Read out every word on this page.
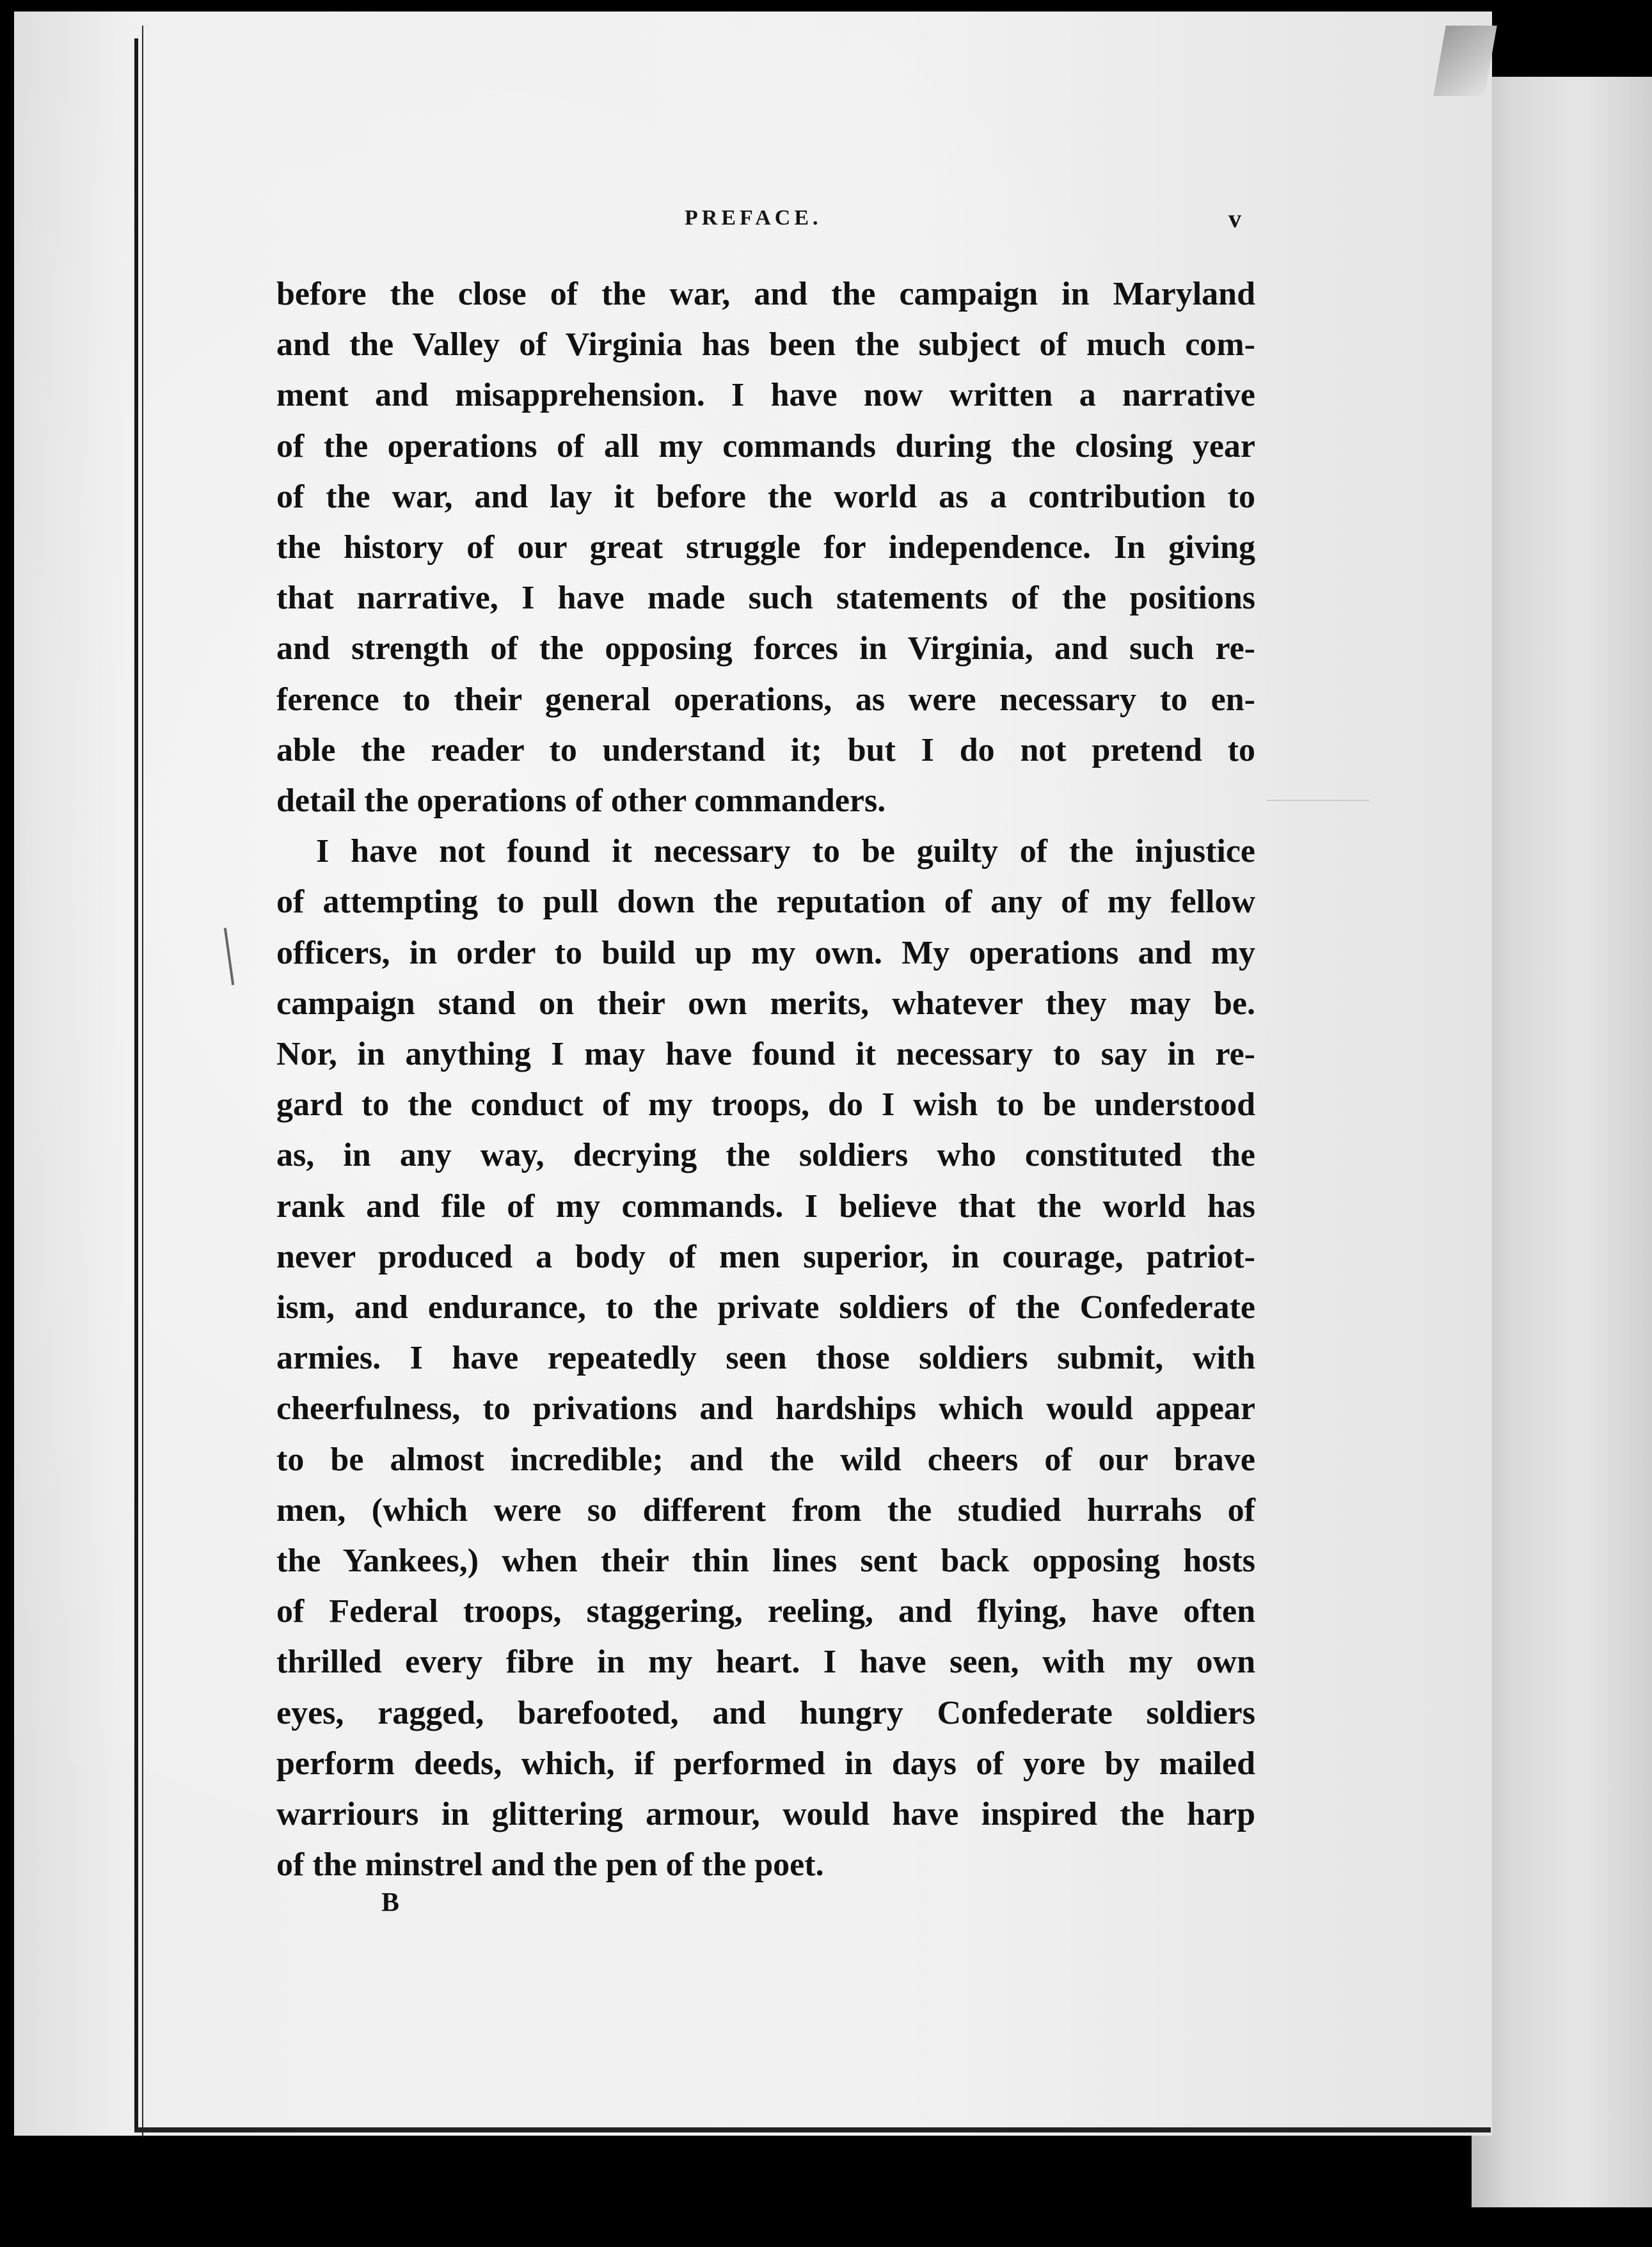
PREFACE.	v
before the close of the war, and the campaign in Maryland
and the Valley of Virginia has been the subject of much com-
ment and misapprehension. I have now written a narrative
of the operations of all my commands during the closing year
of the war, and lay it before the world as a contribution to
the history of our great struggle for independence. In giving
that narrative, I have made such statements of the positions
and strength of the opposing forces in Virginia, and such re-
ference to their general operations, as were necessary to en-
able the reader to understand it; but I do not pretend to
detail the operations of other commanders.
I have not found it necessary to be guilty of the injustice
of attempting to pull down the reputation of any of my fellow
officers, in order to build up my own. My operations and my
campaign stand on their own merits, whatever they may be.
Nor, in anything I may have found it necessary to say in re-
gard to the conduct of my troops, do I wish to be understood
as, in any way, decrying the soldiers who constituted the
rank and file of my commands. I believe that the world has
never produced a body of men superior, in courage, patriot-
ism, and endurance, to the private soldiers of the Confederate
armies. I have repeatedly seen those soldiers submit, with
cheerfulness, to privations and hardships which would appear
to be almost incredible; and the wild cheers of our brave
men, (which were so different from the studied hurrahs of
the Yankees,) when their thin lines sent back opposing hosts
of Federal troops, staggering, reeling, and flying, have often
thrilled every fibre in my heart. I have seen, with my own
eyes, ragged, barefooted, and hungry Confederate soldiers
perform deeds, which, if performed in days of yore by mailed
warriours in glittering armour, would have inspired the harp
of the minstrel and the pen of the poet.
B
